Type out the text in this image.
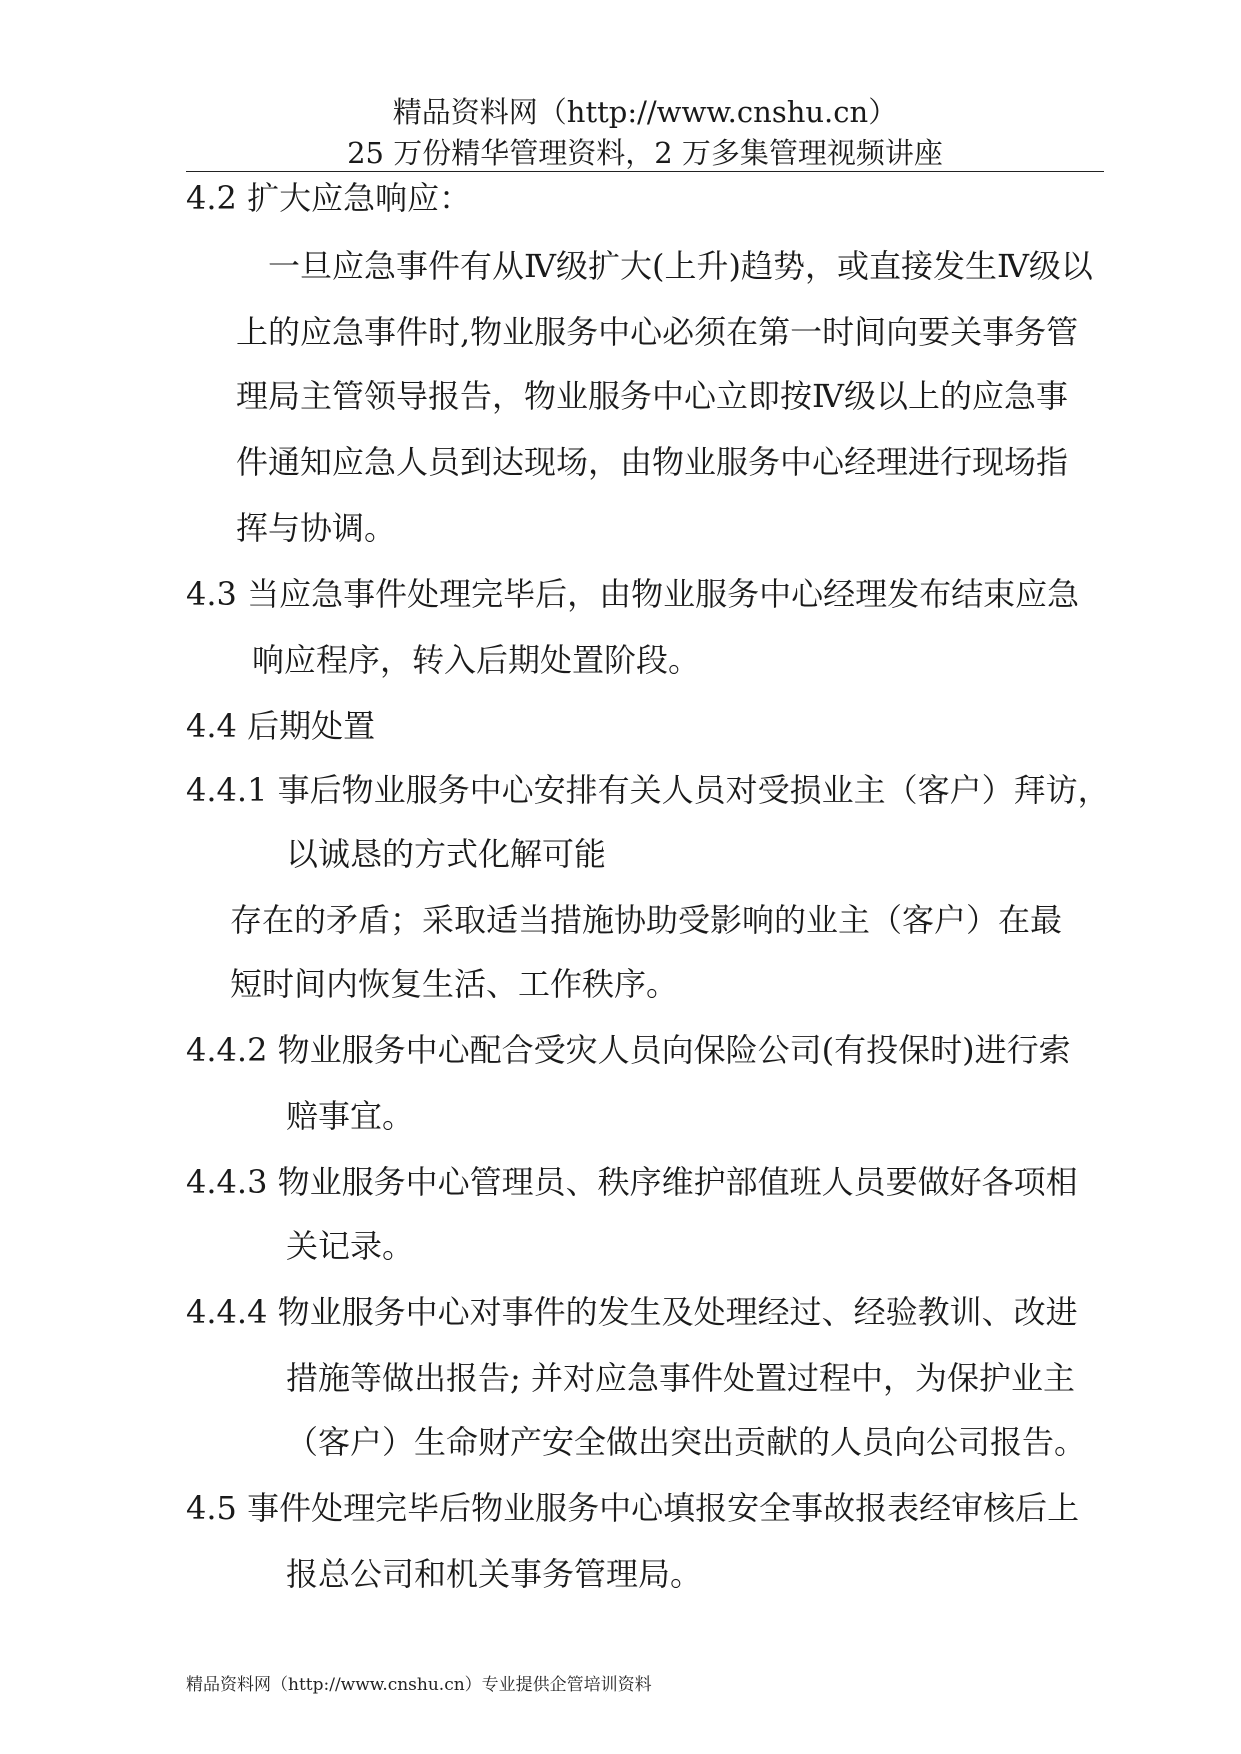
精品资料网（http://www.cnshu.cn）
25 万份精华管理资料，2 万多集管理视频讲座
4.2 扩大应急响应：
一旦应急事件有从Ⅳ级扩大(上升)趋势，或直接发生Ⅳ级以
上的应急事件时,物业服务中心必须在第一时间向要关事务管
理局主管领导报告，物业服务中心立即按Ⅳ级以上的应急事
件通知应急人员到达现场，由物业服务中心经理进行现场指
挥与协调。
4.3 当应急事件处理完毕后，由物业服务中心经理发布结束应急
响应程序，转入后期处置阶段。
4.4 后期处置
4.4.1 事后物业服务中心安排有关人员对受损业主（客户）拜访，
以诚恳的方式化解可能
存在的矛盾；采取适当措施协助受影响的业主（客户）在最
短时间内恢复生活、工作秩序。
4.4.2 物业服务中心配合受灾人员向保险公司(有投保时)进行索
赔事宜。
4.4.3 物业服务中心管理员、秩序维护部值班人员要做好各项相
关记录。
4.4.4 物业服务中心对事件的发生及处理经过、经验教训、改进
措施等做出报告; 并对应急事件处置过程中，为保护业主
（客户）生命财产安全做出突出贡献的人员向公司报告。
4.5 事件处理完毕后物业服务中心填报安全事故报表经审核后上
报总公司和机关事务管理局。
精品资料网（http://www.cnshu.cn）专业提供企管培训资料
